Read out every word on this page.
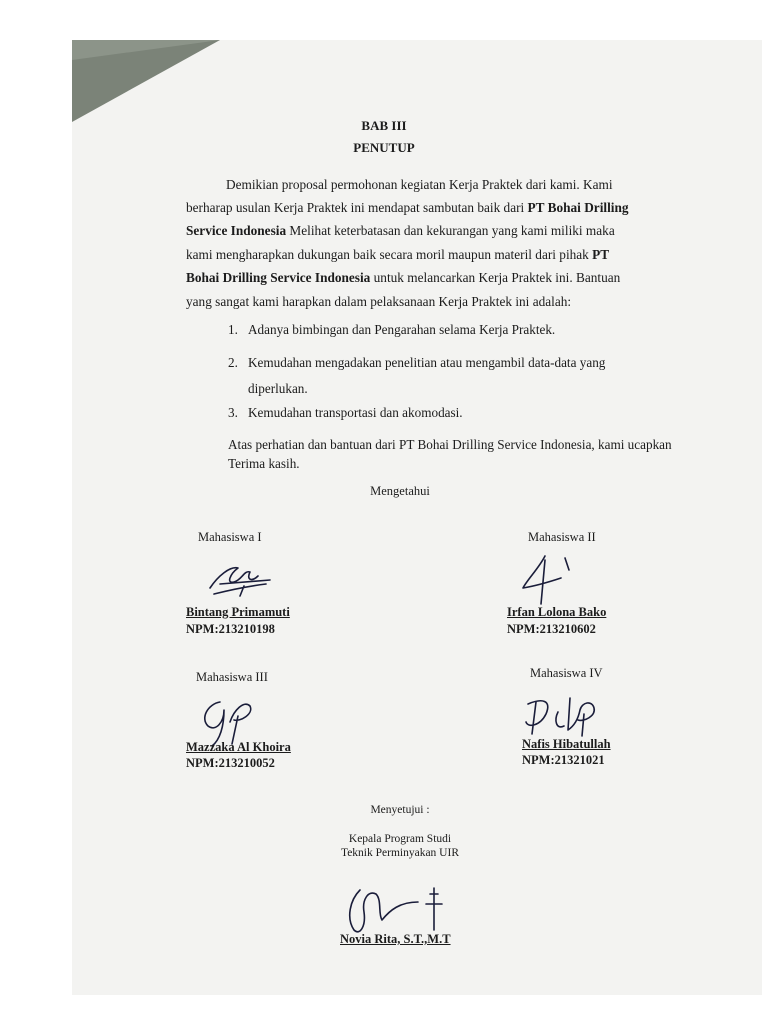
BAB III
PENUTUP
Demikian proposal permohonan kegiatan Kerja Praktek dari kami. Kami
berharap usulan Kerja Praktek ini mendapat sambutan baik dari PT Bohai Drilling
Service Indonesia Melihat keterbatasan dan kekurangan yang kami miliki maka
kami mengharapkan dukungan baik secara moril maupun materil dari pihak PT
Bohai Drilling Service Indonesia untuk melancarkan Kerja Praktek ini. Bantuan
yang sangat kami harapkan dalam pelaksanaan Kerja Praktek ini adalah:
1. Adanya bimbingan dan Pengarahan selama Kerja Praktek.
2. Kemudahan mengadakan penelitian atau mengambil data-data yang
diperlukan.
3. Kemudahan transportasi dan akomodasi.
Atas perhatian dan bantuan dari PT Bohai Drilling Service Indonesia, kami ucapkan
Terima kasih.
Mengetahui
Mahasiswa I
Bintang Primamuti
NPM:213210198
Mahasiswa II
Irfan Lolona Bako
NPM:213210602
Mahasiswa III
Mazzaka Al Khoira
NPM:213210052
Mahasiswa IV
Nafis Hibatullah
NPM:21321021
Menyetujui :
Kepala Program Studi
Teknik Perminyakan UIR
Novia Rita, S.T.,M.T
